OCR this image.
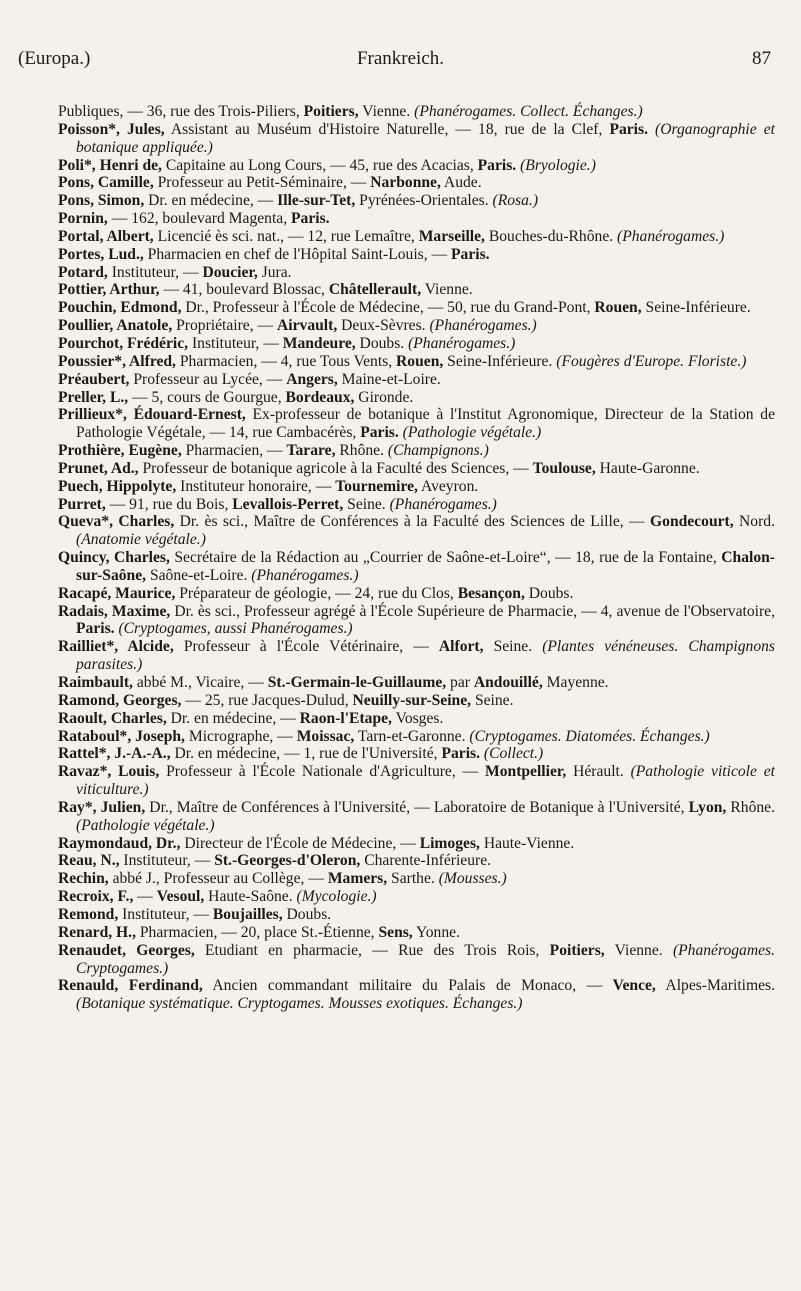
(Europa.)	Frankreich.	87
Publiques, — 36, rue des Trois-Piliers, Poitiers, Vienne. (Phanérogames. Collect. Échanges.)
Poisson*, Jules, Assistant au Muséum d'Histoire Naturelle, — 18, rue de la Clef, Paris. (Organographie et botanique appliquée.)
Poli*, Henri de, Capitaine au Long Cours, — 45, rue des Acacias, Paris. (Bryologie.)
Pons, Camille, Professeur au Petit-Séminaire, — Narbonne, Aude.
Pons, Simon, Dr. en médecine, — Ille-sur-Tet, Pyrénées-Orientales. (Rosa.)
Pornin, — 162, boulevard Magenta, Paris.
Portal, Albert, Licencié ès sci. nat., — 12, rue Lemaître, Marseille, Bouches-du-Rhône. (Phanérogames.)
Portes, Lud., Pharmacien en chef de l'Hôpital Saint-Louis, — Paris.
Potard, Instituteur, — Doucier, Jura.
Pottier, Arthur, — 41, boulevard Blossac, Châtellerault, Vienne.
Pouchin, Edmond, Dr., Professeur à l'École de Médecine, — 50, rue du Grand-Pont, Rouen, Seine-Inférieure.
Poullier, Anatole, Propriétaire, — Airvault, Deux-Sèvres. (Phanérogames.)
Pourchot, Frédéric, Instituteur, — Mandeure, Doubs. (Phanérogames.)
Poussier*, Alfred, Pharmacien, — 4, rue Tous Vents, Rouen, Seine-Inférieure. (Fougères d'Europe. Floriste.)
Préaubert, Professeur au Lycée, — Angers, Maine-et-Loire.
Preller, L., — 5, cours de Gourgue, Bordeaux, Gironde.
Prillieux*, Édouard-Ernest, Ex-professeur de botanique à l'Institut Agronomique, Directeur de la Station de Pathologie Végétale, — 14, rue Cambacérès, Paris. (Pathologie végétale.)
Prothière, Eugène, Pharmacien, — Tarare, Rhône. (Champignons.)
Prunet, Ad., Professeur de botanique agricole à la Faculté des Sciences, — Toulouse, Haute-Garonne.
Puech, Hippolyte, Instituteur honoraire, — Tournemire, Aveyron.
Purret, — 91, rue du Bois, Levallois-Perret, Seine. (Phanérogames.)
Queva*, Charles, Dr. ès sci., Maître de Conférences à la Faculté des Sciences de Lille, — Gondecourt, Nord. (Anatomie végétale.)
Quincy, Charles, Secrétaire de la Rédaction au „Courrier de Saône-et-Loire“, — 18, rue de la Fontaine, Chalon-sur-Saône, Saône-et-Loire. (Phanérogames.)
Racapé, Maurice, Préparateur de géologie, — 24, rue du Clos, Besançon, Doubs.
Radais, Maxime, Dr. ès sci., Professeur agrégé à l'École Supérieure de Pharmacie, — 4, avenue de l'Observatoire, Paris. (Cryptogames, aussi Phanérogames.)
Railliet*, Alcide, Professeur à l'École Vétérinaire, — Alfort, Seine. (Plantes vénéneuses. Champignons parasites.)
Raimbault, abbé M., Vicaire, — St.-Germain-le-Guillaume, par Andouillé, Mayenne.
Ramond, Georges, — 25, rue Jacques-Dulud, Neuilly-sur-Seine, Seine.
Raoult, Charles, Dr. en médecine, — Raon-l'Etape, Vosges.
Rataboul*, Joseph, Micrographe, — Moissac, Tarn-et-Garonne. (Cryptogames. Diatomées. Échanges.)
Rattel*, J.-A.-A., Dr. en médecine, — 1, rue de l'Université, Paris. (Collect.)
Ravaz*, Louis, Professeur à l'École Nationale d'Agriculture, — Montpellier, Hérault. (Pathologie viticole et viticulture.)
Ray*, Julien, Dr., Maître de Conférences à l'Université, — Laboratoire de Botanique à l'Université, Lyon, Rhône. (Pathologie végétale.)
Raymondaud, Dr., Directeur de l'École de Médecine, — Limoges, Haute-Vienne.
Reau, N., Instituteur, — St.-Georges-d'Oleron, Charente-Inférieure.
Rechin, abbé J., Professeur au Collège, — Mamers, Sarthe. (Mousses.)
Recroix, F., — Vesoul, Haute-Saône. (Mycologie.)
Remond, Instituteur, — Boujailles, Doubs.
Renard, H., Pharmacien, — 20, place St.-Étienne, Sens, Yonne.
Renaudet, Georges, Etudiant en pharmacie, — Rue des Trois Rois, Poitiers, Vienne. (Phanérogames. Cryptogames.)
Renauld, Ferdinand, Ancien commandant militaire du Palais de Monaco, — Vence, Alpes-Maritimes. (Botanique systématique. Cryptogames. Mousses exotiques. Échanges.)
